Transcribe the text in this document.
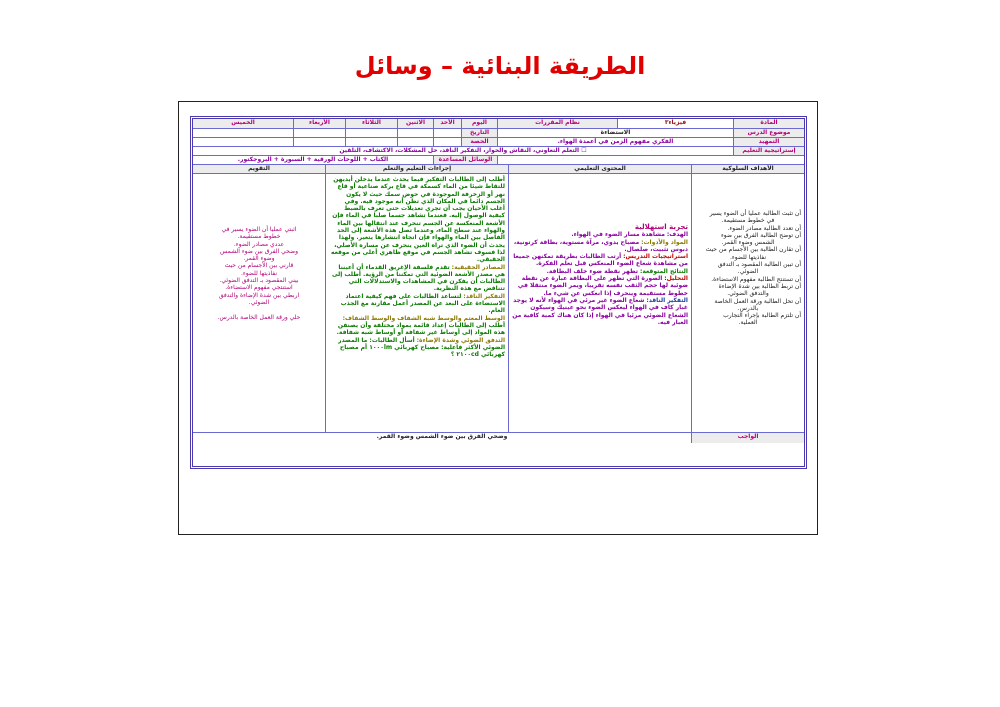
الطريقة البنائية – وسائل
المادة
فيزياء٣
نظام المقررات
اليوم
الأحد
الاثنين
الثلاثاء
الأربعاء
الخميس
موضوع الدرس
الاستضاءة
التاريخ
التمهيد
الفكري مفهوم الزمن في أعمدة الهواء.
الحصة
إستراتيجية التعليم
☐ التعلم التعاوني، النقاش والحوار، التفكير الناقد، حل المشكلات، الاكتشاف، التلقين
الوسائل المساعدة
الكتاب + اللوحات الورقية + السبورة + البروجكتور.
الأهداف السلوكية
المحتوى التعليمي
إجراءات التعليم والتعلم
التقويم

أن تثبت الطالبة عمليا أن الضوء يسير

في خطوط مستقيمة.

أن تعدد الطالبة مصادر الضوء.

أن توضح الطالبة الفرق بين ضوء

الشمس وضوء القمر.

أن تقارن الطالبة بين الأجسام من حيث

نفاذيتها للضوء.

أن تبين الطالبة المقصود بـ التدفق

الضوئي.

أن تستنتج الطالبة مفهوم الاستضاءة.

أن تربط الطالبة بين شدة الإضاءة

والتدفق الضوئي.

أن تحل الطالبة ورقة العمل الخاصة

بالدرس.

أن تلتزم الطالبة بإجراء التجارب

العملية.

تجربة استهلالية

الهدف: مشاهدة مسار الضوء في الهواء.

المواد والأدوات: مصباح يدوي، مرآة مستوية، بطاقة كرتونية، دبوس تثبيت، صلصال.

استراتيجيات التدريس: أرتب الطالبات بطريقة تمكنهن جميعا من مشاهدة شعاع الضوء المنعكس قبل تعلم الفكرة.

النتائج المتوقعة: تظهر نقطة ضوء خلف البطاقة.

التحليل: الصورة التي تظهر على البطاقة عبارة عن نقطة ضوئية لها حجم الثقب نفسه تقريبا، ويمر الضوء منتقلا في خطوط مستقيمة وينحرف إذا انعكس عن شيء ما.

التفكير الناقد: شعاع الضوء غير مرئي في الهواء لأنه لا يوجد غبار كاف في الهواء ليعكس الضوء نحو عينيك وسيكون الشعاع الضوئي مرئيا في الهواء إذا كان هناك كمية كافية من الغبار فيه.

أطلب إلى الطالبات التفكير فيما يحدث عندما يدخلن أيديهن للتقاط شيئا من الماء كسمكة في قاع بركة صناعية أو قاع نهر أو الزخرفة الموجودة في حوض سمك حيث لا يكون الجسم دائما في المكان الذي تظن أنه موجود فيه. وفي أغلب الأحيان يجب أن تجري تعديلات حتى تعرف بالضبط كيفية الوصول إليه. فعندما تشاهد جسما صلبا في الماء فإن الأشعة المنعكسة عن الجسم تنحرف عند انتقالها بين الماء والهواء عند سطح الماء، وعندما تصل هذه الأشعة إلى الحد الفاصل بين الماء والهواء فإن اتجاه انتشارها يتغير. ولهذا يحدث أن الضوء الذي تراه العين ينحرف عن مساره الأصلي، لذا فسوف تشاهد الجسم في موقع ظاهري أعلى من موقعه الحقيقي.

المصادر الحقيقية: تقدم فلسفة الإغريق القدماء أن أعيننا هي مصدر الأشعة الضوئية التي تمكننا من الرؤية. أطلب إلى الطالبات أن يفكرن في المشاهدات والاستدلالات التي تتناقض مع هذه النظرية.

التفكير الناقد: لتساعد الطالبات على فهم كيفية اعتماد الاستضاءة على البعد عن المصدر أعمل مقارنة مع الجذب العام.

الوسط المعتم والوسط شبه الشفاف والوسط الشفاف: أطلب إلى الطالبات إعداد قائمة بمواد مختلفة وأن يصنفن هذه المواد إلى أوساط غير شفافة أو أوساط شبه شفافة.

التدفق الضوئي وشدة الإضاءة: أسأل الطالبات: ما المصدر الضوئي الأكثر فاعلية: مصباح كهربائي ١٠٠٠lm أم مصباح كهربائي ٢١٠٠cd ؟

اثبتي عمليا أن الضوء يسير في

خطوط مستقيمة.

عددي مصادر الضوء.

وضحي الفرق بين ضوء الشمس

وضوء القمر.

قارني بين الأجسام من حيث

نفاذيتها للضوء.

بيني المقصود بـ التدفق الضوئي.

استنتجي مفهوم الاستضاءة.

اربطي بين شدة الإضاءة والتدفق

الضوئي.

حلي ورقة العمل الخاصة بالدرس.

الواجب
وضحي الفرق بين ضوء الشمس وضوء القمر.
